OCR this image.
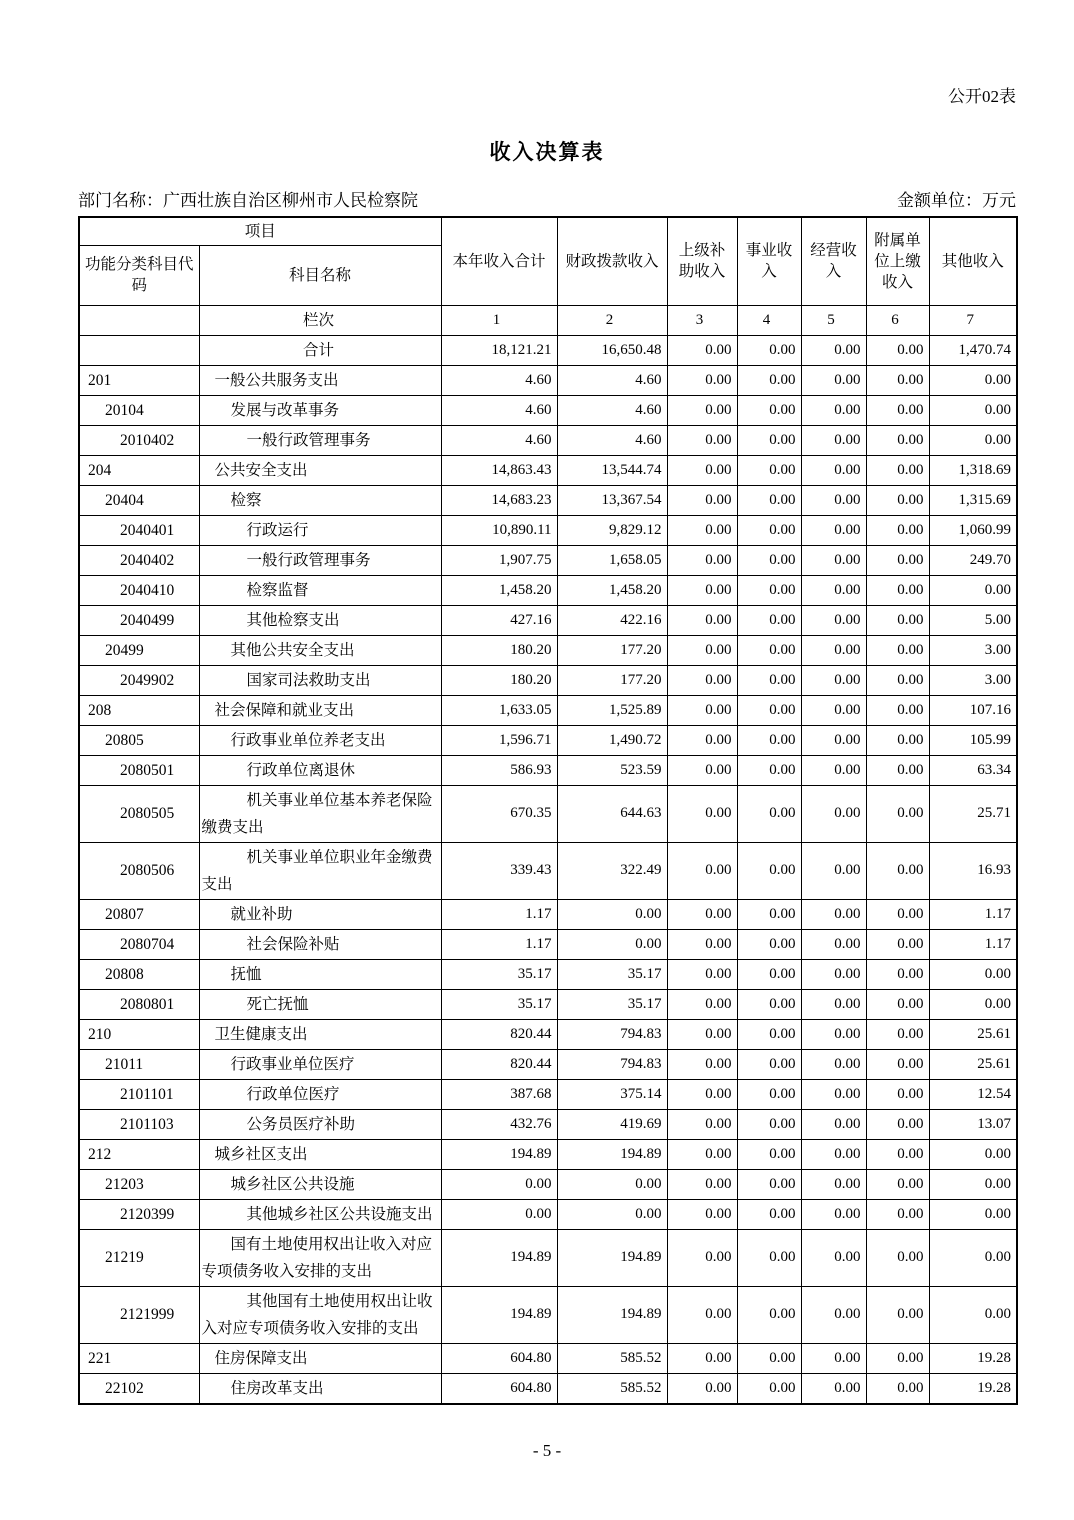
公开02表
收入决算表
部门名称：广西壮族自治区柳州市人民检察院	金额单位：万元
项目		本年收入合计	财政拨款收入	上级补助收入	事业收入	经营收入	附属单位上缴收入	其他收入
功能分类科目代码	科目名称							
	栏次	1	2	3	4	5	6	7
	合计	18,121.21	16,650.48	0.00	0.00	0.00	0.00	1,470.74
201	一般公共服务支出	4.60	4.60	0.00	0.00	0.00	0.00	0.00
20104	发展与改革事务	4.60	4.60	0.00	0.00	0.00	0.00	0.00
2010402	一般行政管理事务	4.60	4.60	0.00	0.00	0.00	0.00	0.00
204	公共安全支出	14,863.43	13,544.74	0.00	0.00	0.00	0.00	1,318.69
20404	检察	14,683.23	13,367.54	0.00	0.00	0.00	0.00	1,315.69
2040401	行政运行	10,890.11	9,829.12	0.00	0.00	0.00	0.00	1,060.99
2040402	一般行政管理事务	1,907.75	1,658.05	0.00	0.00	0.00	0.00	249.70
2040410	检察监督	1,458.20	1,458.20	0.00	0.00	0.00	0.00	0.00
2040499	其他检察支出	427.16	422.16	0.00	0.00	0.00	0.00	5.00
20499	其他公共安全支出	180.20	177.20	0.00	0.00	0.00	0.00	3.00
2049902	国家司法救助支出	180.20	177.20	0.00	0.00	0.00	0.00	3.00
208	社会保障和就业支出	1,633.05	1,525.89	0.00	0.00	0.00	0.00	107.16
20805	行政事业单位养老支出	1,596.71	1,490.72	0.00	0.00	0.00	0.00	105.99
2080501	行政单位离退休	586.93	523.59	0.00	0.00	0.00	0.00	63.34
2080505	机关事业单位基本养老保险缴费支出	670.35	644.63	0.00	0.00	0.00	0.00	25.71
2080506	机关事业单位职业年金缴费支出	339.43	322.49	0.00	0.00	0.00	0.00	16.93
20807	就业补助	1.17	0.00	0.00	0.00	0.00	0.00	1.17
2080704	社会保险补贴	1.17	0.00	0.00	0.00	0.00	0.00	1.17
20808	抚恤	35.17	35.17	0.00	0.00	0.00	0.00	0.00
2080801	死亡抚恤	35.17	35.17	0.00	0.00	0.00	0.00	0.00
210	卫生健康支出	820.44	794.83	0.00	0.00	0.00	0.00	25.61
21011	行政事业单位医疗	820.44	794.83	0.00	0.00	0.00	0.00	25.61
2101101	行政单位医疗	387.68	375.14	0.00	0.00	0.00	0.00	12.54
2101103	公务员医疗补助	432.76	419.69	0.00	0.00	0.00	0.00	13.07
212	城乡社区支出	194.89	194.89	0.00	0.00	0.00	0.00	0.00
21203	城乡社区公共设施	0.00	0.00	0.00	0.00	0.00	0.00	0.00
2120399	其他城乡社区公共设施支出	0.00	0.00	0.00	0.00	0.00	0.00	0.00
21219	国有土地使用权出让收入对应专项债务收入安排的支出	194.89	194.89	0.00	0.00	0.00	0.00	0.00
2121999	其他国有土地使用权出让收入对应专项债务收入安排的支出	194.89	194.89	0.00	0.00	0.00	0.00	0.00
221	住房保障支出	604.80	585.52	0.00	0.00	0.00	0.00	19.28
22102	住房改革支出	604.80	585.52	0.00	0.00	0.00	0.00	19.28
- 5 -
